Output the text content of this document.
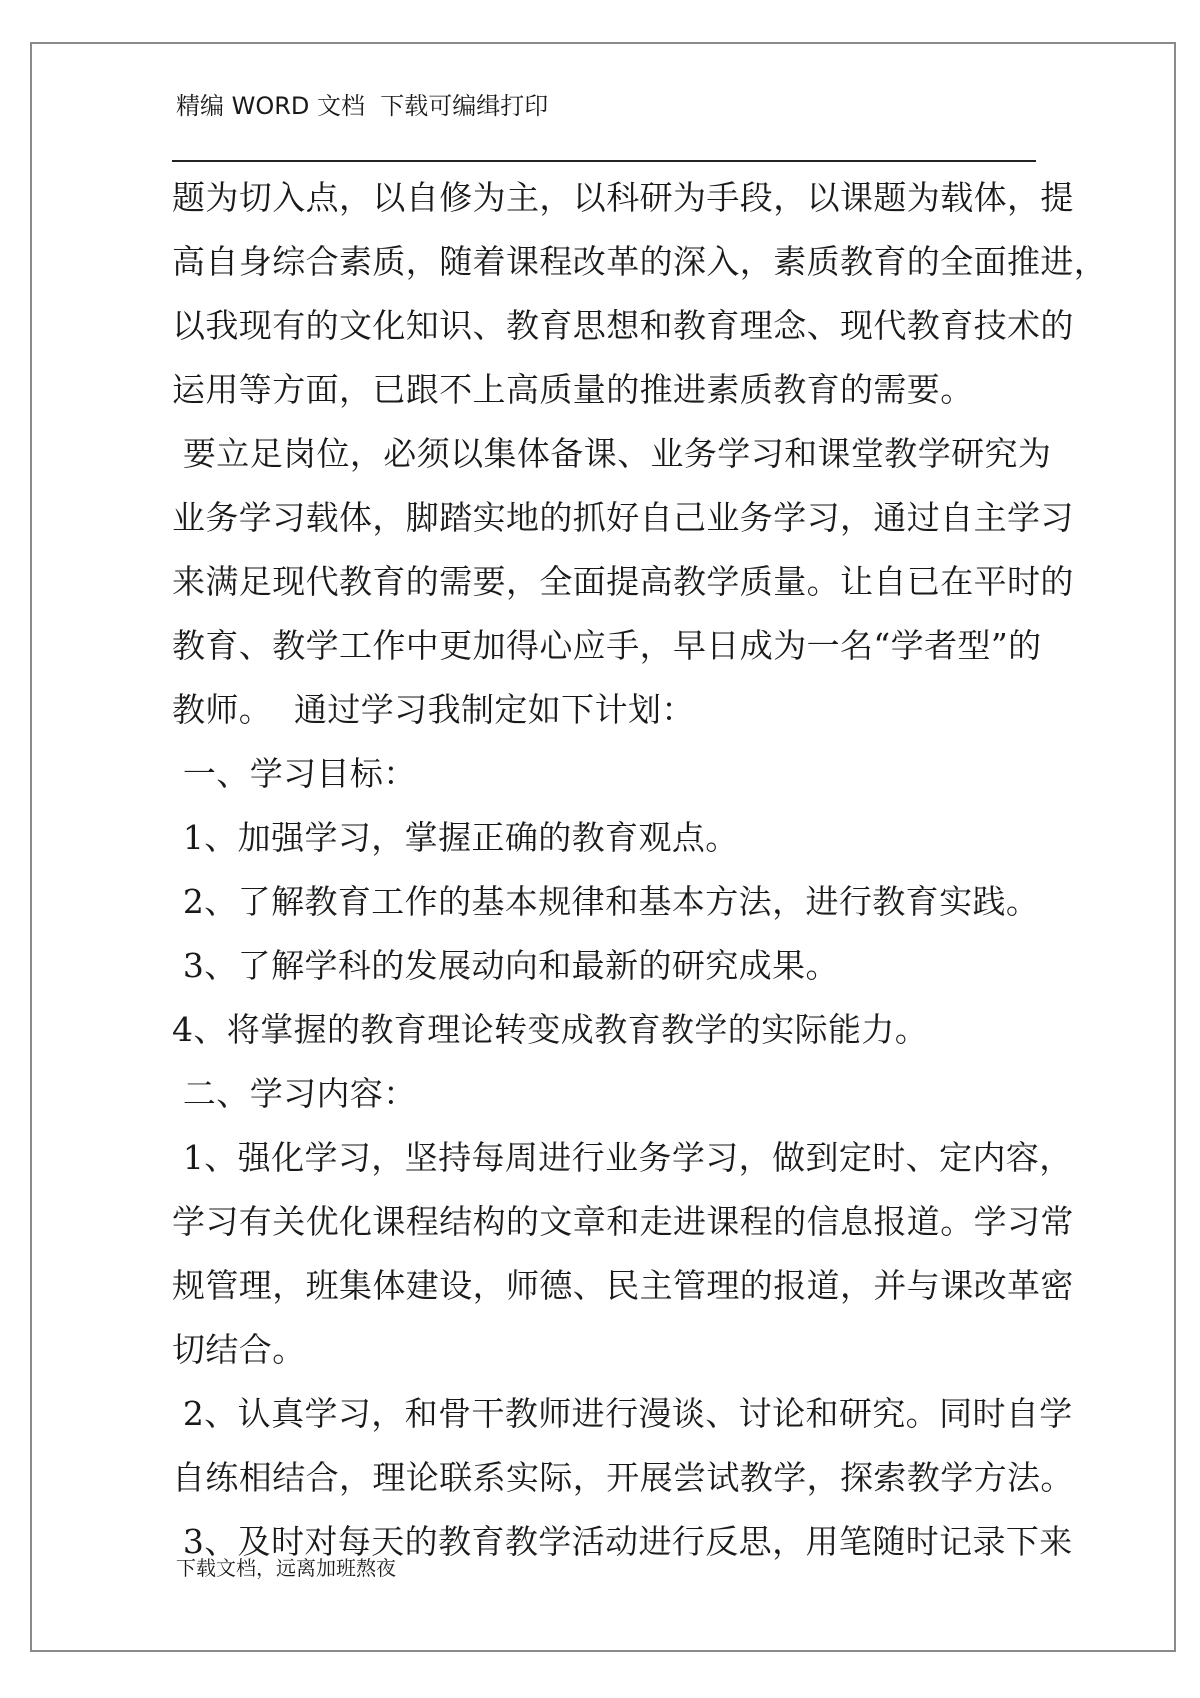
精编 WORD 文档  下载可编缉打印
题为切入点，以自修为主，以科研为手段，以课题为载体，提
高自身综合素质，随着课程改革的深入，素质教育的全面推进，
以我现有的文化知识、教育思想和教育理念、现代教育技术的
运用等方面，已跟不上高质量的推进素质教育的需要。
要立足岗位，必须以集体备课、业务学习和课堂教学研究为
业务学习载体，脚踏实地的抓好自己业务学习，通过自主学习
来满足现代教育的需要，全面提高教学质量。让自已在平时的
教育、教学工作中更加得心应手，早日成为一名“学者型”的
教师。  通过学习我制定如下计划：
一、学习目标：
1、加强学习，掌握正确的教育观点。
2、了解教育工作的基本规律和基本方法，进行教育实践。
3、了解学科的发展动向和最新的研究成果。
4、将掌握的教育理论转变成教育教学的实际能力。
二、学习内容：
1、强化学习，坚持每周进行业务学习，做到定时、定内容，
学习有关优化课程结构的文章和走进课程的信息报道。学习常
规管理，班集体建设，师德、民主管理的报道，并与课改革密
切结合。
2、认真学习，和骨干教师进行漫谈、讨论和研究。同时自学
自练相结合，理论联系实际，开展尝试教学，探索教学方法。
3、及时对每天的教育教学活动进行反思，用笔随时记录下来
下载文档，远离加班熬夜
